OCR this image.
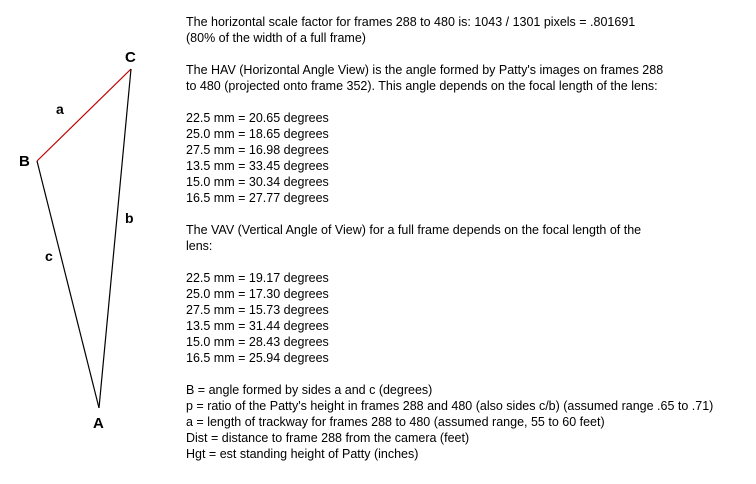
C
B
A
a
b
c
The horizontal scale factor for frames 288 to 480 is: 1043 / 1301 pixels = .801691
(80% of the width of a full frame)
The HAV (Horizontal Angle View) is the angle formed by Patty's images on frames 288
to 480 (projected onto frame 352). This angle depends on the focal length of the lens:
22.5 mm = 20.65 degrees
25.0 mm = 18.65 degrees
27.5 mm = 16.98 degrees
13.5 mm = 33.45 degrees
15.0 mm = 30.34 degrees
16.5 mm = 27.77 degrees
The VAV (Vertical Angle of View) for a full frame depends on the focal length of the
lens:
22.5 mm = 19.17 degrees
25.0 mm = 17.30 degrees
27.5 mm = 15.73 degrees
13.5 mm = 31.44 degrees
15.0 mm = 28.43 degrees
16.5 mm = 25.94 degrees
B = angle formed by sides a and c (degrees)
p = ratio of the Patty's height in frames 288 and 480 (also sides c/b) (assumed range .65 to .71)
a = length of trackway for frames 288 to 480 (assumed range, 55 to 60 feet)
Dist = distance to frame 288 from the camera (feet)
Hgt = est standing height of Patty (inches)
